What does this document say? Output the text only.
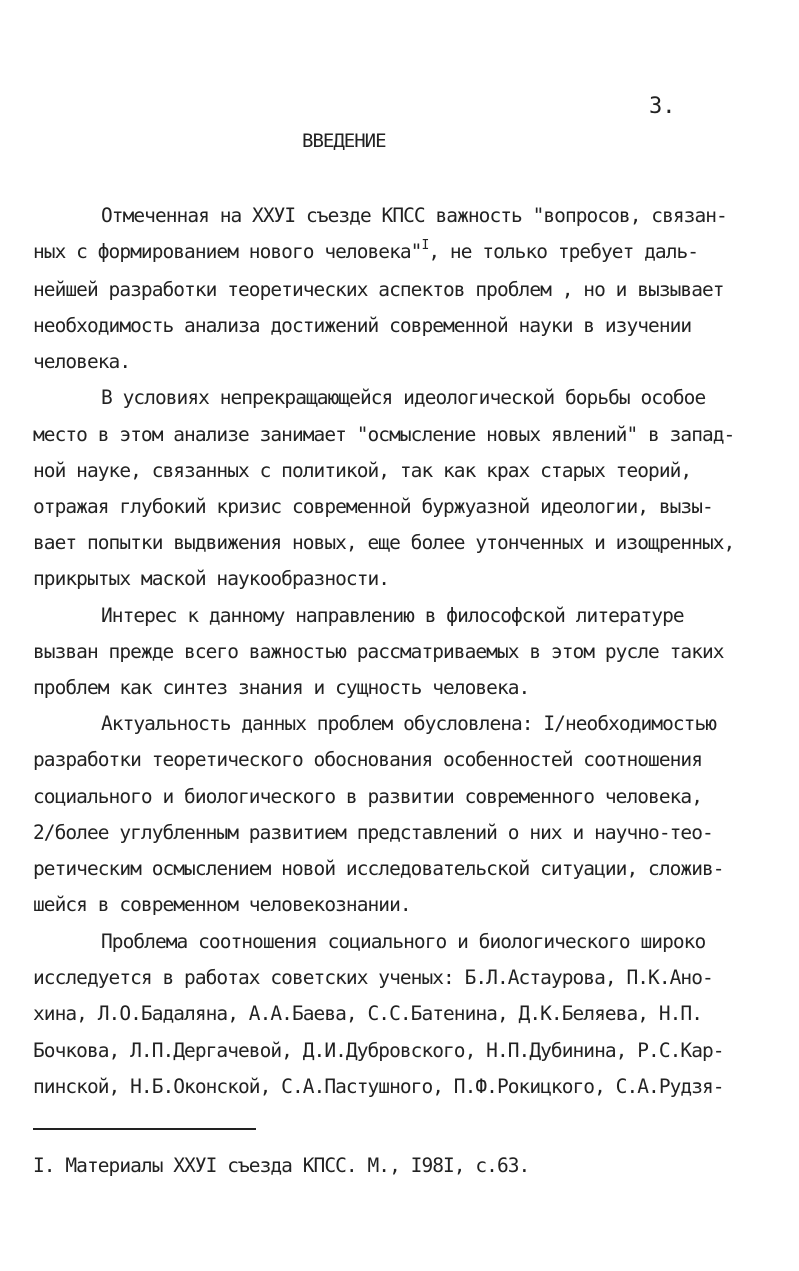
3.
ВВЕДЕНИЕ
Отмеченная на XXУI съезде КПСС важность "вопросов, связан-
ных с формированием нового человека"$^I$, не только требует даль-
нейшей разработки теоретических аспектов проблем , но и вызывает
необходимость анализа достижений современной науки в изучении
человека.
В условиях непрекращающейся идеологической борьбы особое
место в этом анализе занимает "осмысление новых явлений" в запад-
ной науке, связанных с политикой, так как крах старых теорий,
отражая глубокий кризис современной буржуазной идеологии, вызы-
вает попытки выдвижения новых, еще более утонченных и изощренных,
прикрытых маской наукообразности.
Интерес к данному направлению в философской литературе
вызван прежде всего важностью рассматриваемых в этом русле таких
проблем как синтез знания и сущность человека.
Актуальность данных проблем обусловлена: I/необходимостью
разработки теоретического обоснования особенностей соотношения
социального и биологического в развитии современного человека,
2/более углубленным развитием представлений о них и научно-тео-
ретическим осмыслением новой исследовательской ситуации, сложив-
шейся в современном человекознании.
Проблема соотношения социального и биологического широко
исследуется в работах советских ученых: Б.Л.Астаурова, П.К.Ано-
хина, Л.О.Бадаляна, А.А.Баева, С.С.Батенина, Д.К.Беляева, Н.П.
Бочкова, Л.П.Дергачевой, Д.И.Дубровского, Н.П.Дубинина, Р.С.Кар-
пинской, Н.Б.Оконской, С.А.Пастушного, П.Ф.Рокицкого, С.А.Рудзя-
I. Материалы XXУI съезда КПСС. М., I98I, с.63.
